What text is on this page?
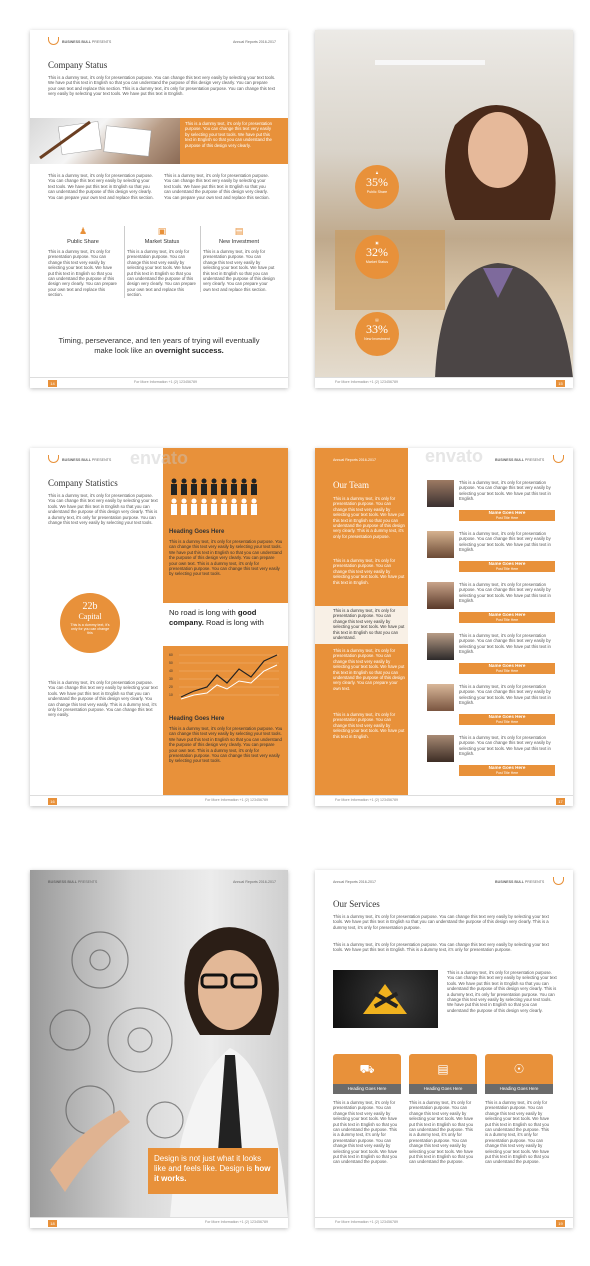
BUSINESS BULL PRESENTS	Annual Reports 2016-2017
Company Status
This is a dummy text, it's only for presentation purpose. You can change this text very easily by selecting your text tools. We have put this text in English so that you can understand the purpose of this design very clearly. You can prepare your own text and replace this section. This is a dummy text, it's only for presentation purpose. You can change this text very easily by selecting your text tools. We have put this text in English.
This is a dummy text, it's only for presentation purpose. You can change this text very easily by selecting your text tools. We have put this text in English so that you can understand the purpose of this design very clearly.
This is a dummy text, it's only for presentation purpose. You can change this text very easily by selecting your text tools. We have put this text in English so that you can understand the purpose of this design very clearly. You can prepare your own text and replace this section.
This is a dummy text, it's only for presentation purpose. You can change this text very easily by selecting your text tools. We have put this text in English so that you can understand the purpose of this design very clearly. You can prepare your own text and replace this section.
♟
Public Share
This is a dummy text, it's only for presentation purpose. You can change this text very easily by selecting your text tools. We have put this text in English so that you can understand the purpose of this design very clearly. You can prepare your own text and replace this section.
▣
Market Status
This is a dummy text, it's only for presentation purpose. You can change this text very easily by selecting your text tools. We have put this text in English so that you can understand the purpose of this design very clearly. You can prepare your own text and replace this section.
▤
New Investment
This is a dummy text, it's only for presentation purpose. You can change this text very easily by selecting your text tools. We have put this text in English so that you can understand the purpose of this design very clearly. You can prepare your own text and replace this section.
Timing, perseverance, and ten years of trying will eventually make look like an overnight success.
14	For More Information +1 (2) 123456789
♟
35%
Public Share
▣
32%
Market Status
▤
33%
New Investment
For More Information +1 (2) 123456789	15
BUSINESS BULL PRESENTS
Company Statistics
This is a dummy text, it's only for presentation purpose. You can change this text very easily by selecting your text tools. We have put this text in English so that you can understand the purpose of this design very clearly. This is a dummy text, it's only for presentation purpose. You can change this text very easily by selecting your text tools.
Heading Goes Here
This is a dummy text, it's only for presentation purpose. You can change this text very easily by selecting your text tools. We have put this text in English so that you can understand the purpose of this design very clearly. You can prepare your own text. This is a dummy text, it's only for presentation purpose. You can change this text very easily by selecting your text tools.
22b
Capital
This is a dummy text, it's only for you can change this
This is a dummy text, it's only for presentation purpose. You can change this text very easily by selecting your text tools. We have put this text in English so that you can understand the purpose of this design very clearly. You can change this text very easily. This is a dummy text, it's only for presentation purpose. You can change this text very easily.
No road is long with good company. Road is long with
60
50
40
30
20
10
Heading Goes Here
This is a dummy text, it's only for presentation purpose. You can change this text very easily by selecting your text tools. We have put this text in English so that you can understand the purpose of this design very clearly. You can prepare your own text. This is a dummy text, it's only for presentation purpose. You can change this text very easily by selecting your text tools.
envato
16	For More Information +1 (2) 123456789
Annual Reports 2016-2017	BUSINESS BULL PRESENTS
Our Team
This is a dummy text, it's only for presentation purpose. You can change this text very easily by selecting your text tools. We have put this text in English so that you can understand the purpose of this design very clearly. This is a dummy text, it's only for presentation purpose.
This is a dummy text, it's only for presentation purpose. You can change this text very easily by selecting your text tools. We have put this text in English.
This is a dummy text, it's only for presentation purpose. You can change this text very easily by selecting your text tools. We have put this text in English so that you can understand.
This is a dummy text, it's only for presentation purpose. You can change this text very easily by selecting your text tools. We have put this text in English so that you can understand the purpose of this design very clearly. You can prepare your own text.
This is a dummy text, it's only for presentation purpose. You can change this text very easily by selecting your text tools. We have put this text in English.
This is a dummy text, it's only for presentation purpose. You can change this text very easily by selecting your text tools. We have put this text in English.
Name Goes Here
Post Title Here
This is a dummy text, it's only for presentation purpose. You can change this text very easily by selecting your text tools. We have put this text in English.
Name Goes Here
Post Title Here
This is a dummy text, it's only for presentation purpose. You can change this text very easily by selecting your text tools. We have put this text in English.
Name Goes Here
Post Title Here
This is a dummy text, it's only for presentation purpose. You can change this text very easily by selecting your text tools. We have put this text in English.
Name Goes Here
Post Title Here
This is a dummy text, it's only for presentation purpose. You can change this text very easily by selecting your text tools. We have put this text in English.
Name Goes Here
Post Title Here
This is a dummy text, it's only for presentation purpose. You can change this text very easily by selecting your text tools. We have put this text in English.
Name Goes Here
Post Title Here
envato
For More Information +1 (2) 123456789	17
BUSINESS BULL PRESENTS	Annual Reports 2016-2017
Design is not just what it looks like and feels like. Design is how it works.
18	For More Information +1 (2) 123456789
Annual Reports 2016-2017	BUSINESS BULL PRESENTS
Our Services
This is a dummy text, it's only for presentation purpose. You can change this text very easily by selecting your text tools. We have put this text in English so that you can understand the purpose of this design very clearly. This is a dummy text, it's only for presentation purpose.
This is a dummy text, it's only for presentation purpose. You can change this text very easily by selecting your text tools. We have put this text in English. This is a dummy text, it's only for presentation purpose.
This is a dummy text, it's only for presentation purpose. You can change this text very easily by selecting your text tools. We have put this text in English so that you can understand the purpose of this design very clearly. This is a dummy text, it's only for presentation purpose. You can change this text very easily by selecting your text tools. We have put this text in English so that you can understand the purpose of this design very clearly.
⛟
Heading Goes Here
This is a dummy text, it's only for presentation purpose. You can change this text very easily by selecting your text tools. We have put this text in English so that you can understand the purpose. This is a dummy text, it's only for presentation purpose. You can change this text very easily by selecting your text tools. We have put this text in English so that you can understand the purpose.
▤
Heading Goes Here
This is a dummy text, it's only for presentation purpose. You can change this text very easily by selecting your text tools. We have put this text in English so that you can understand the purpose. This is a dummy text, it's only for presentation purpose. You can change this text very easily by selecting your text tools. We have put this text in English so that you can understand the purpose.
☉
Heading Goes Here
This is a dummy text, it's only for presentation purpose. You can change this text very easily by selecting your text tools. We have put this text in English so that you can understand the purpose. This is a dummy text, it's only for presentation purpose. You can change this text very easily by selecting your text tools. We have put this text in English so that you can understand the purpose.
For More Information +1 (2) 123456789	19
